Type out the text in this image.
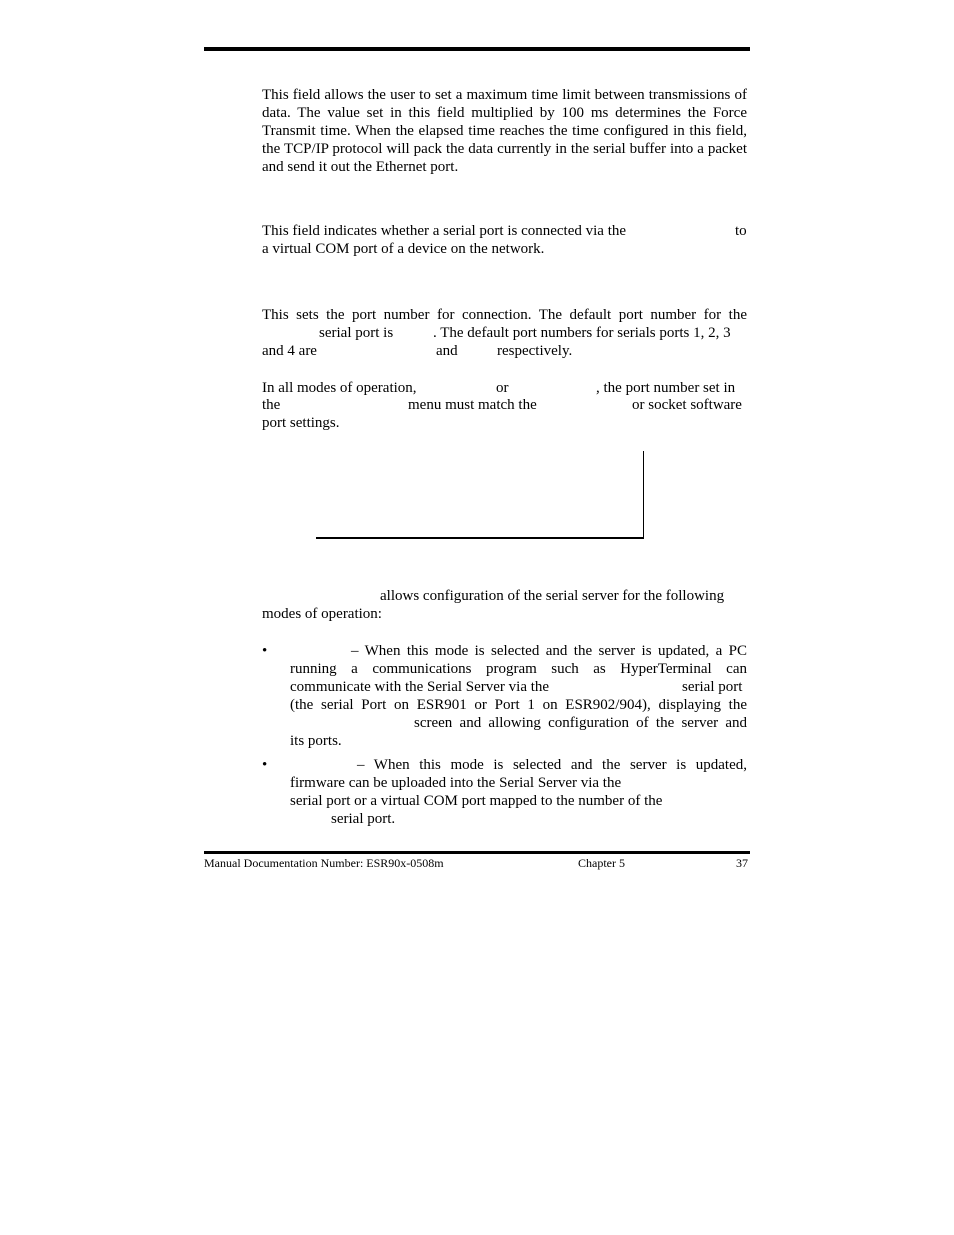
This field allows the user to set a maximum time limit between transmissions of data. The value set in this field multiplied by 100 ms determines the Force Transmit time. When the elapsed time reaches the time configured in this field, the TCP/IP protocol will pack the data currently in the serial buffer into a packet and send it out the Ethernet port.

This field indicates whether a serial port is connected via the	to
a virtual COM port of a device on the network.
This sets the port number for connection. The default port number for the
serial port is	. The default port numbers for serials ports 1, 2, 3
and 4 are	and	respectively.
In all modes of operation,	or	, the port number set in
the	menu must match the	or socket software
port settings.
allows configuration of the serial server for the following
modes of operation:
•	– When this mode is selected and the server is updated, a PC
running a communications program such as HyperTerminal can
communicate with the Serial Server via the	serial port
(the serial Port on ESR901 or Port 1 on ESR902/904), displaying the
screen and allowing configuration of the server and
its ports.
•	– When this mode is selected and the server is updated,
firmware can be uploaded into the Serial Server via the
serial port or a virtual COM port mapped to the number of the
serial port.
Manual Documentation Number: ESR90x-0508m	Chapter 5	37
